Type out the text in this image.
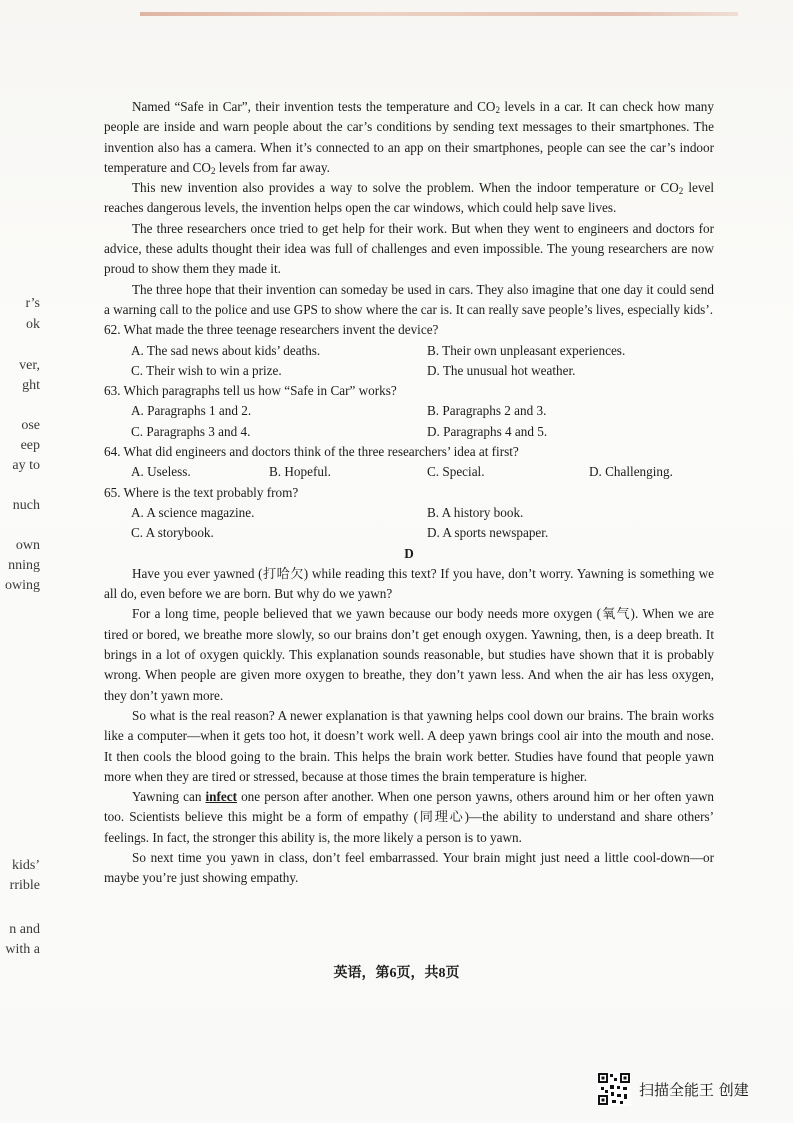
r’s
ok
ver,
ght
ose
eep
ay to
nuch
own
nning
owing
kids’
rrible
n and
with a

Named “Safe in Car”, their invention tests the temperature and $CO_2$ levels in a car. It can check how many people are inside and warn people about the car’s conditions by sending text messages to their smartphones. The invention also has a camera. When it’s connected to an app on their smartphones, people can see the car’s indoor temperature and $CO_2$ levels from far away.

This new invention also provides a way to solve the problem. When the indoor temperature or $CO_2$ level reaches dangerous levels, the invention helps open the car windows, which could help save lives.

The three researchers once tried to get help for their work. But when they went to engineers and doctors for advice, these adults thought their idea was full of challenges and even impossible. The young researchers are now proud to show them they made it.

The three hope that their invention can someday be used in cars. They also imagine that one day it could send a warning call to the police and use GPS to show where the car is. It can really save people’s lives, especially kids’.

62. What made the three teenage researchers invent the device?

A. The sad news about kids’ deaths.	B. Their own unpleasant experiences.
C. Their wish to win a prize.	D. The unusual hot weather.

63. Which paragraphs tell us how “Safe in Car” works?

A. Paragraphs 1 and 2.	B. Paragraphs 2 and 3.
C. Paragraphs 3 and 4.	D. Paragraphs 4 and 5.

64. What did engineers and doctors think of the three researchers’ idea at first?

A. Useless.	B. Hopeful.	C. Special.	D. Challenging.

65. Where is the text probably from?

A. A science magazine.	B. A history book.
C. A storybook.	D. A sports newspaper.

D

Have you ever yawned (打哈欠) while reading this text? If you have, don’t worry. Yawning is something we all do, even before we are born. But why do we yawn?

For a long time, people believed that we yawn because our body needs more oxygen (氧气). When we are tired or bored, we breathe more slowly, so our brains don’t get enough oxygen. Yawning, then, is a deep breath. It brings in a lot of oxygen quickly. This explanation sounds reasonable, but studies have shown that it is probably wrong. When people are given more oxygen to breathe, they don’t yawn less. And when the air has less oxygen, they don’t yawn more.

So what is the real reason? A newer explanation is that yawning helps cool down our brains. The brain works like a computer—when it gets too hot, it doesn’t work well. A deep yawn brings cool air into the mouth and nose. It then cools the blood going to the brain. This helps the brain work better. Studies have found that people yawn more when they are tired or stressed, because at those times the brain temperature is higher.

Yawning can infect one person after another. When one person yawns, others around him or her often yawn too. Scientists believe this might be a form of empathy (同理心)—the ability to understand and share others’ feelings. In fact, the stronger this ability is, the more likely a person is to yawn.

So next time you yawn in class, don’t feel embarrassed. Your brain might just need a little cool-down—or maybe you’re just showing empathy.

英语，第6页，共8页
扫描全能王 创建
